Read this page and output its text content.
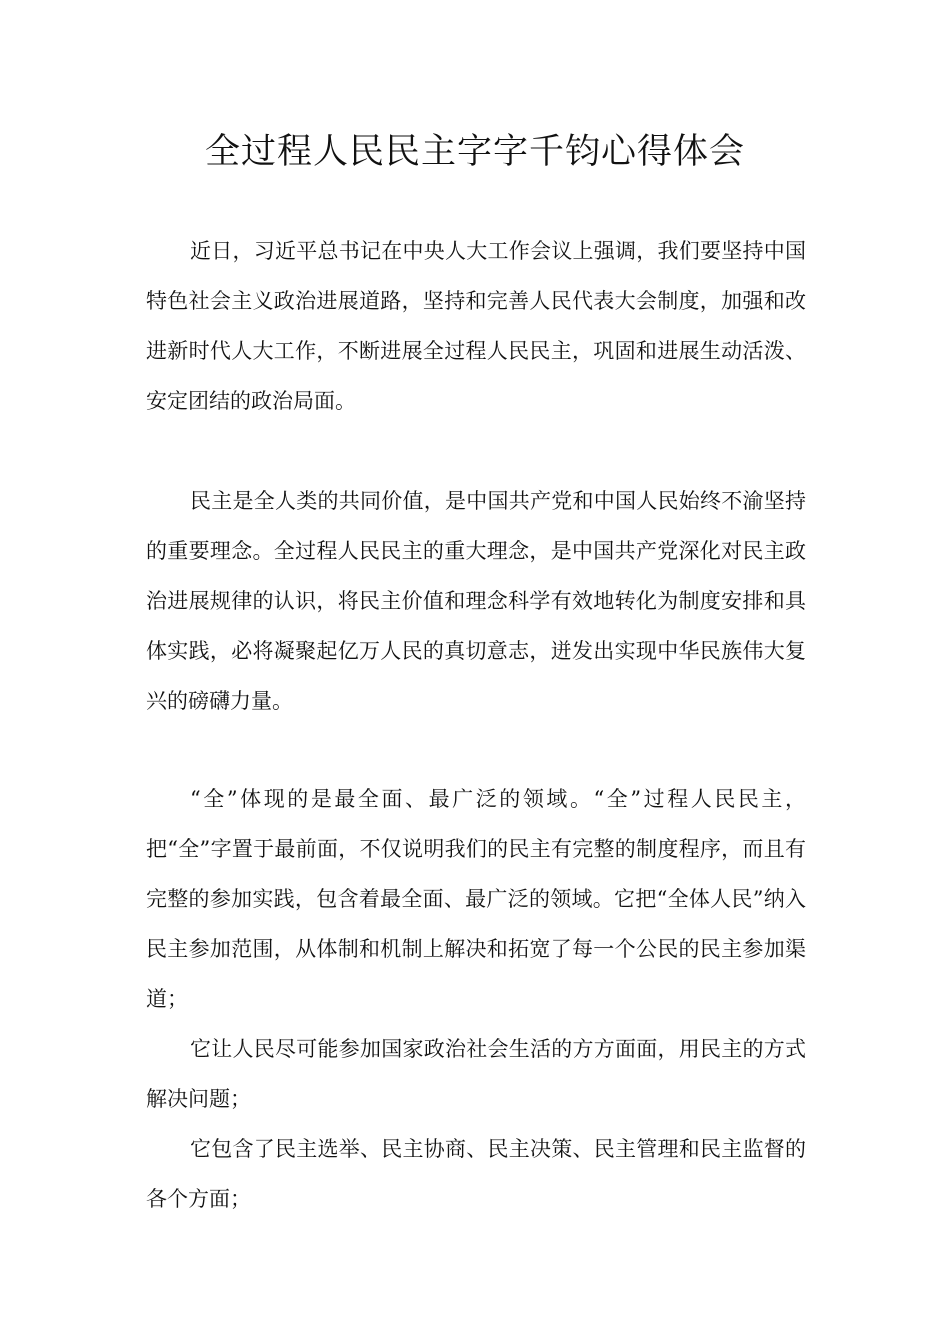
全过程人民民主字字千钧心得体会

近日，习近平总书记在中央人大工作会议上强调，我们要坚持中国特色社会主义政治进展道路，坚持和完善人民代表大会制度，加强和改进新时代人大工作，不断进展全过程人民民主，巩固和进展生动活泼、安定团结的政治局面。

民主是全人类的共同价值，是中国共产党和中国人民始终不渝坚持的重要理念。全过程人民民主的重大理念，是中国共产党深化对民主政治进展规律的认识，将民主价值和理念科学有效地转化为制度安排和具体实践，必将凝聚起亿万人民的真切意志，迸发出实现中华民族伟大复兴的磅礴力量。

“全”体现的是最全面、最广泛的领域。“全”过程人民民主，把“全”字置于最前面，不仅说明我们的民主有完整的制度程序，而且有完整的参加实践，包含着最全面、最广泛的领域。它把“全体人民”纳入民主参加范围，从体制和机制上解决和拓宽了每一个公民的民主参加渠道；

它让人民尽可能参加国家政治社会生活的方方面面，用民主的方式解决问题；

它包含了民主选举、民主协商、民主决策、民主管理和民主监督的各个方面；
